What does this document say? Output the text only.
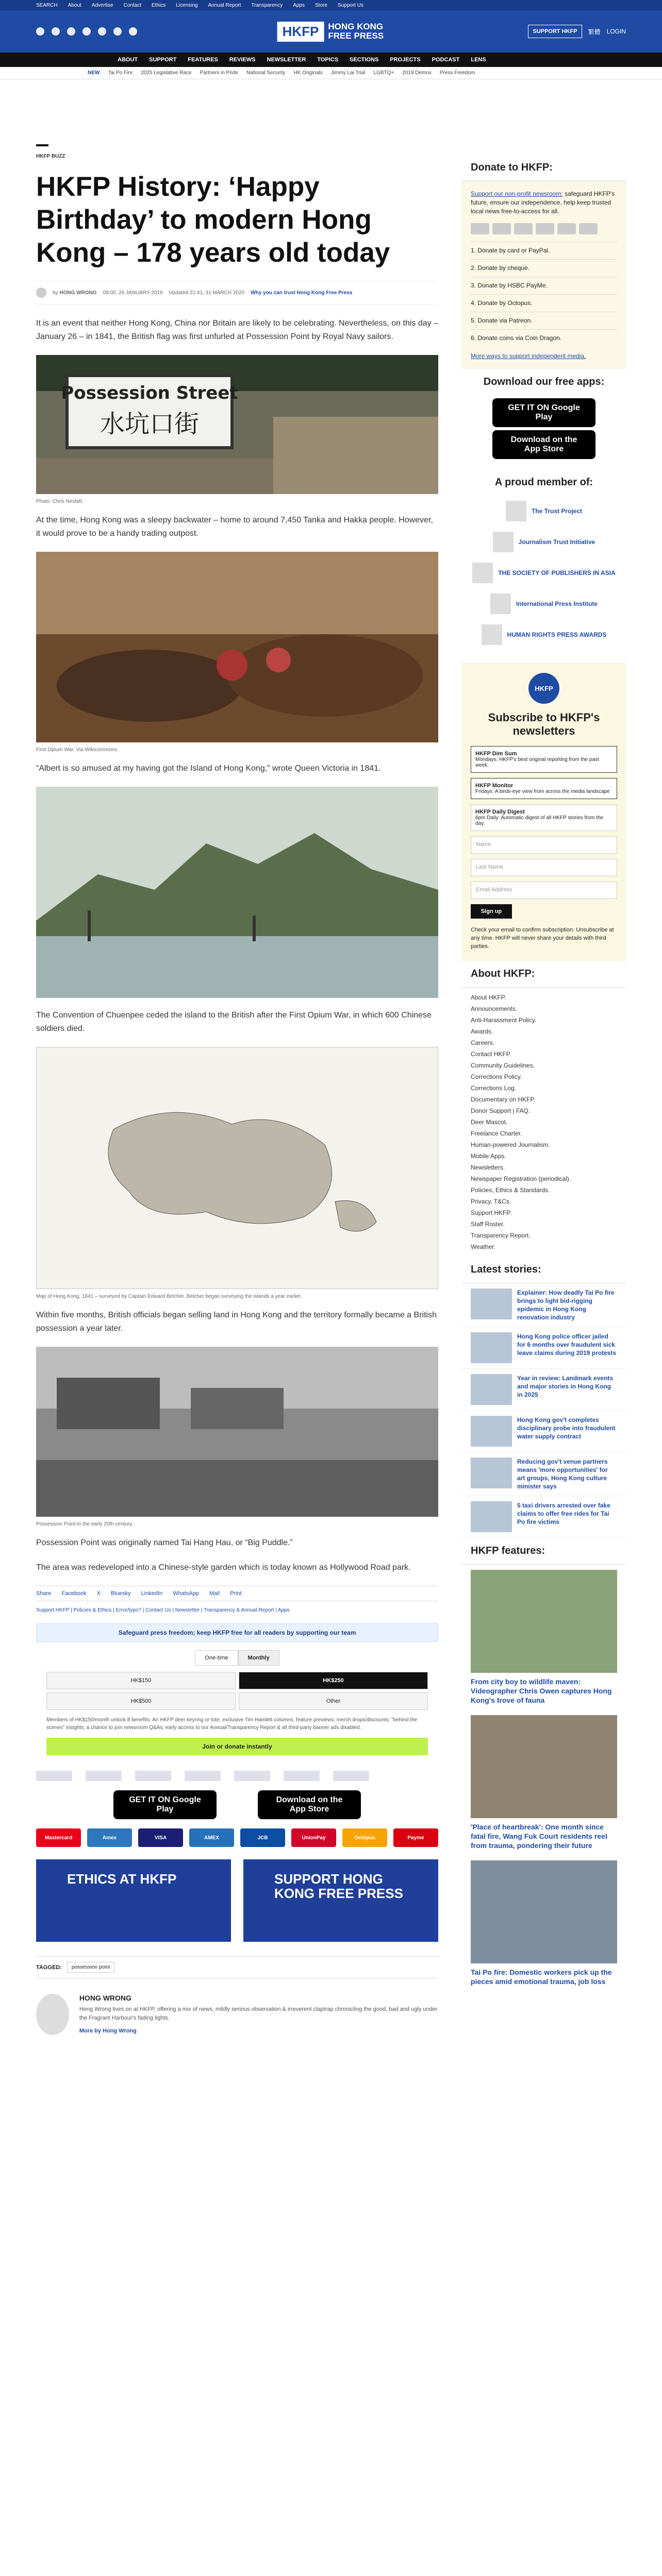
SEARCH About Advertise Contact Ethics Licensing Annual Report Transparency Apps Store Support Us
HKFP	HONG KONG FREE PRESS	SUPPORT HKFP	繁體 LOGIN
ABOUT SUPPORT FEATURES REVIEWS NEWSLETTER TOPICS SECTIONS PROJECTS PODCAST LENS
NEW Tai Po Fire 2025 Legislative Race Partners in Pride National Security HK Originals Jimmy Lai Trial LGBTQ+ 2019 Demos Press Freedom
HKFP BUZZ
HKFP History: ‘Happy Birthday’ to modern Hong Kong – 178 years old today
by HONG WRONG 09:00, 26 JANUARY 2019 Updated 21:41, 31 MARCH 2020 Why you can trust Hong Kong Free Press

It is an event that neither Hong Kong, China nor Britain are likely to be celebrating. Nevertheless, on this day – January 26 – in 1841, the British flag was first unfurled at Possession Point by Royal Navy sailors.

Possession Street
水坑口街
Photo: Chris Nesbitt.

At the time, Hong Kong was a sleepy backwater – home to around 7,450 Tanka and Hakka people. However, it would prove to be a handy trading outpost.

First Opium War. Via Wikicommons.

“Albert is so amused at my having got the Island of Hong Kong,” wrote Queen Victoria in 1841.

The Convention of Chuenpee ceded the island to the British after the First Opium War, in which 600 Chinese soldiers died.

Map of Hong Kong, 1841 – surveyed by Captain Edward Belcher. Belcher began surveying the islands a year earlier.

Within five months, British officials began selling land in Hong Kong and the territory formally became a British possession a year later.

Possession Point in the early 20th century.

Possession Point was originally named Tai Hang Hau, or “Big Puddle.”

The area was redeveloped into a Chinese-style garden which is today known as Hollywood Road park.

Share Facebook X Bluesky LinkedIn WhatsApp Mail Print
Support HKFP | Policies & Ethics | Error/typo? | Contact Us | Newsletter | Transparency & Annual Report | Apps
Safeguard press freedom; keep HKFP free for all readers by supporting our team
One-time	Monthly
HK$150	HK$250
HK$500	Other
Members of HK$150/month unlock 8 benefits: An HKFP deer keyring or tote; exclusive Tim Hamlett columns; feature previews; merch drops/discounts; "behind the scenes" insights; a chance to join newsroom Q&As; early access to our Annual/Transparency Report & all third-party banner ads disabled.
Join or donate instantly
GET IT ON Google Play
Download on the App Store
Mastercard	Amex	VISA	AMEX	JCB	UnionPay	Octopus	Payme
ETHICS AT HKFP	SUPPORT HONG KONG FREE PRESS
TAGGED:	possession point
HONG WRONG

Hong Wrong lives on at HKFP, offering a mix of news, mildly serious observation & irreverent claptrap chronicling the good, bad and ugly under the Fragrant Harbour's fading lights.

More by Hong Wrong

Donate to HKFP:
Support our non-profit newsroom: safeguard HKFP's future, ensure our independence, help keep trusted local news free-to-access for all.
1. Donate by card or PayPal.
2. Donate by cheque.
3. Donate by HSBC PayMe.
4. Donate by Octopus.
5. Donate via Patreon.
6. Donate coins via Coin Dragon.

More ways to support independent media.

Download our free apps:
GET IT ON Google Play
Download on the App Store
A proud member of:
The Trust Project
Journalism Trust Initiative
THE SOCIETY OF PUBLISHERS IN ASIA
International Press Institute
HUMAN RIGHTS PRESS AWARDS
HKFP
Subscribe to HKFP's newsletters
HKFP Dim Sum
Mondays: HKFP's best original reporting from the past week.
HKFP Monitor
Fridays: A birds-eye view from across the media landscape
HKFP Daily Digest
6pm Daily: Automatic digest of all HKFP stories from the day.
Name
Last Name
Email Address
Sign up

Check your email to confirm subscription. Unsubscribe at any time. HKFP will never share your details with third parties.

About HKFP:
About HKFP.
Announcements.
Anti-Harassment Policy.
Awards.
Careers.
Contact HKFP.
Community Guidelines.
Corrections Policy.
Corrections Log.
Documentary on HKFP.
Donor Support | FAQ.
Deer Mascot.
Freelance Charter.
Human-powered Journalism.
Mobile Apps.
Newsletters.
Newspaper Registration (periodical).
Policies, Ethics & Standards.
Privacy, T&Cs.
Support HKFP.
Staff Roster.
Transparency Report.
Weather.
Latest stories:
Explainer: How deadly Tai Po fire brings to light bid-rigging epidemic in Hong Kong renovation industry
Hong Kong police officer jailed for 6 months over fraudulent sick leave claims during 2019 protests
Year in review: Landmark events and major stories in Hong Kong in 2025
Hong Kong gov't completes disciplinary probe into fraudulent water supply contract
Reducing gov't venue partners means 'more opportunities' for art groups, Hong Kong culture minister says
5 taxi drivers arrested over fake claims to offer free rides for Tai Po fire victims
HKFP features:
From city boy to wildlife maven: Videographer Chris Owen captures Hong Kong's trove of fauna
'Place of heartbreak': One month since fatal fire, Wang Fuk Court residents reel from trauma, pondering their future
Tai Po fire: Domestic workers pick up the pieces amid emotional trauma, job loss
